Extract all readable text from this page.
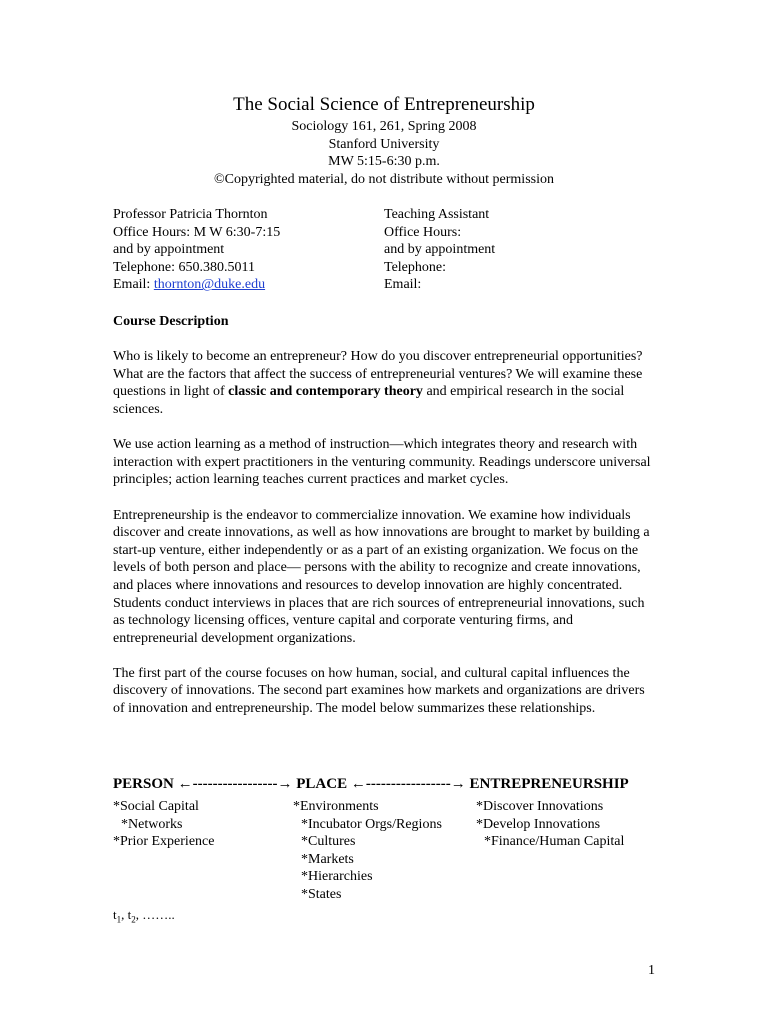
The Social Science of Entrepreneurship
Sociology 161, 261, Spring 2008
Stanford University
MW 5:15-6:30 p.m.
©Copyrighted material, do not distribute without permission
Professor Patricia Thornton
Office Hours: M W 6:30-7:15
and by appointment
Telephone: 650.380.5011
Email: thornton@duke.edu
Teaching Assistant
Office Hours:
and by appointment
Telephone:
Email:

Course Description

Who is likely to become an entrepreneur? How do you discover entrepreneurial opportunities? What are the factors that affect the success of entrepreneurial ventures? We will examine these questions in light of classic and contemporary theory and empirical research in the social sciences.

We use action learning as a method of instruction—which integrates theory and research with interaction with expert practitioners in the venturing community. Readings underscore universal principles; action learning teaches current practices and market cycles.

Entrepreneurship is the endeavor to commercialize innovation. We examine how individuals discover and create innovations, as well as how innovations are brought to market by building a start-up venture, either independently or as a part of an existing organization. We focus on the levels of both person and place— persons with the ability to recognize and create innovations, and places where innovations and resources to develop innovation are highly concentrated. Students conduct interviews in places that are rich sources of entrepreneurial innovations, such as technology licensing offices, venture capital and corporate venturing firms, and entrepreneurial development organizations.

The first part of the course focuses on how human, social, and cultural capital influences the discovery of innovations. The second part examines how markets and organizations are drivers of innovation and entrepreneurship. The model below summarizes these relationships.

PERSON ←-----------------→ PLACE ←-----------------→ ENTREPRENEURSHIP
*Social Capital
*Networks
*Prior Experience
*Environments
*Incubator Orgs/Regions
*Cultures
*Markets
*Hierarchies
*States
*Discover Innovations
*Develop Innovations
*Finance/Human Capital
$t_1$, $t_2$, ……..
1
